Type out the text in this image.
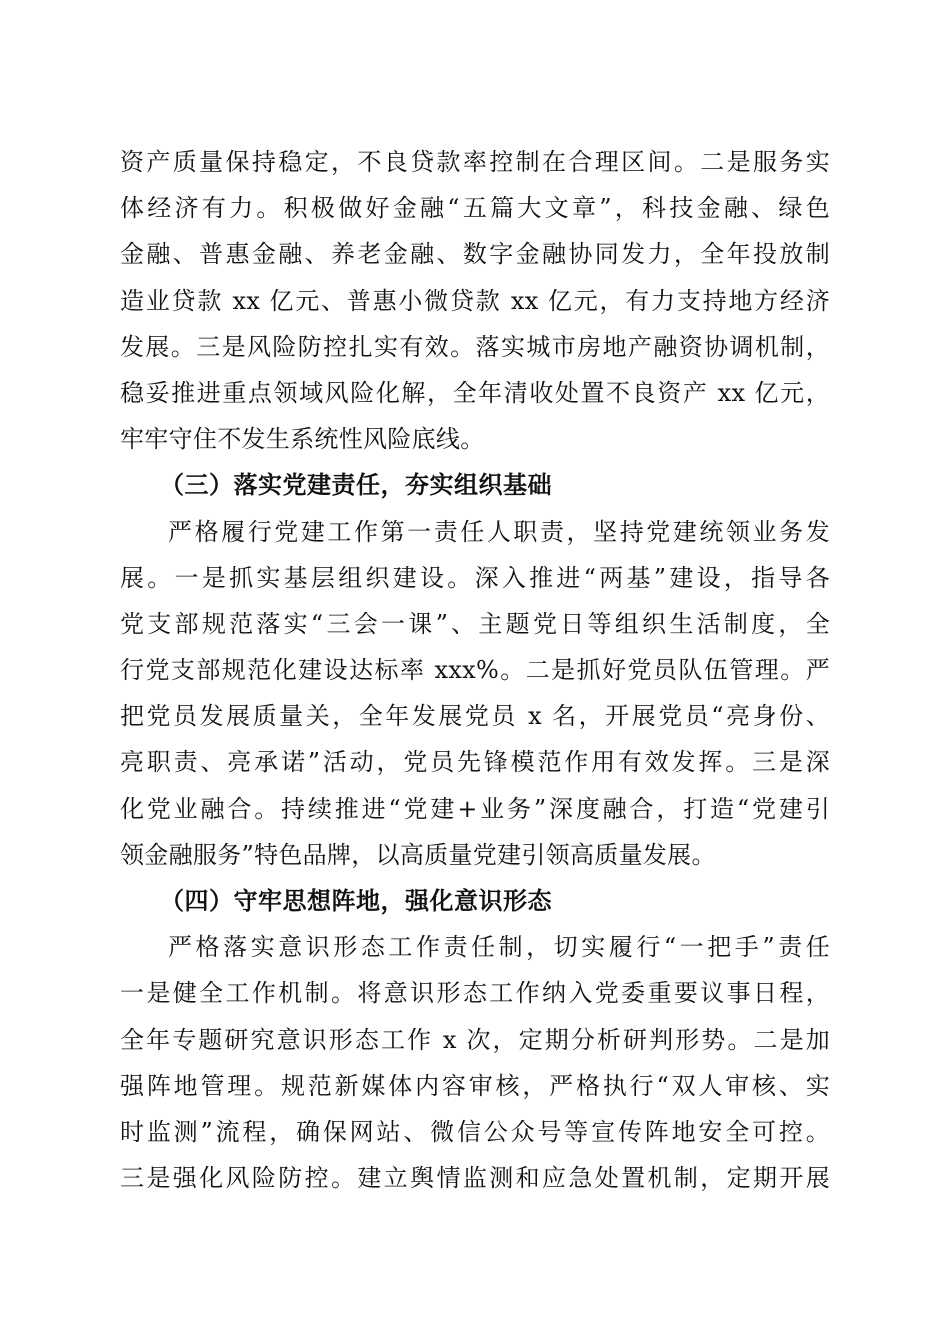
资产质量保持稳定，不良贷款率控制在合理区间。二是服务实
体经济有力。积极做好金融“五篇大文章”，科技金融、绿色
金融、普惠金融、养老金融、数字金融协同发力，全年投放制
造业贷款 xx 亿元、普惠小微贷款 xx 亿元，有力支持地方经济
发展。三是风险防控扎实有效。落实城市房地产融资协调机制，
稳妥推进重点领域风险化解，全年清收处置不良资产 xx 亿元，
牢牢守住不发生系统性风险底线。
（三）落实党建责任，夯实组织基础
严格履行党建工作第一责任人职责，坚持党建统领业务发
展。一是抓实基层组织建设。深入推进“两基”建设，指导各
党支部规范落实“三会一课”、主题党日等组织生活制度，全
行党支部规范化建设达标率 xxx%。二是抓好党员队伍管理。严
把党员发展质量关，全年发展党员 x 名，开展党员“亮身份、
亮职责、亮承诺”活动，党员先锋模范作用有效发挥。三是深
化党业融合。持续推进“党建+业务”深度融合，打造“党建引
领金融服务”特色品牌，以高质量党建引领高质量发展。
（四）守牢思想阵地，强化意识形态
严格落实意识形态工作责任制，切实履行“一把手”责任
一是健全工作机制。将意识形态工作纳入党委重要议事日程，
全年专题研究意识形态工作 x 次，定期分析研判形势。二是加
强阵地管理。规范新媒体内容审核，严格执行“双人审核、实
时监测”流程，确保网站、微信公众号等宣传阵地安全可控。
三是强化风险防控。建立舆情监测和应急处置机制，定期开展
